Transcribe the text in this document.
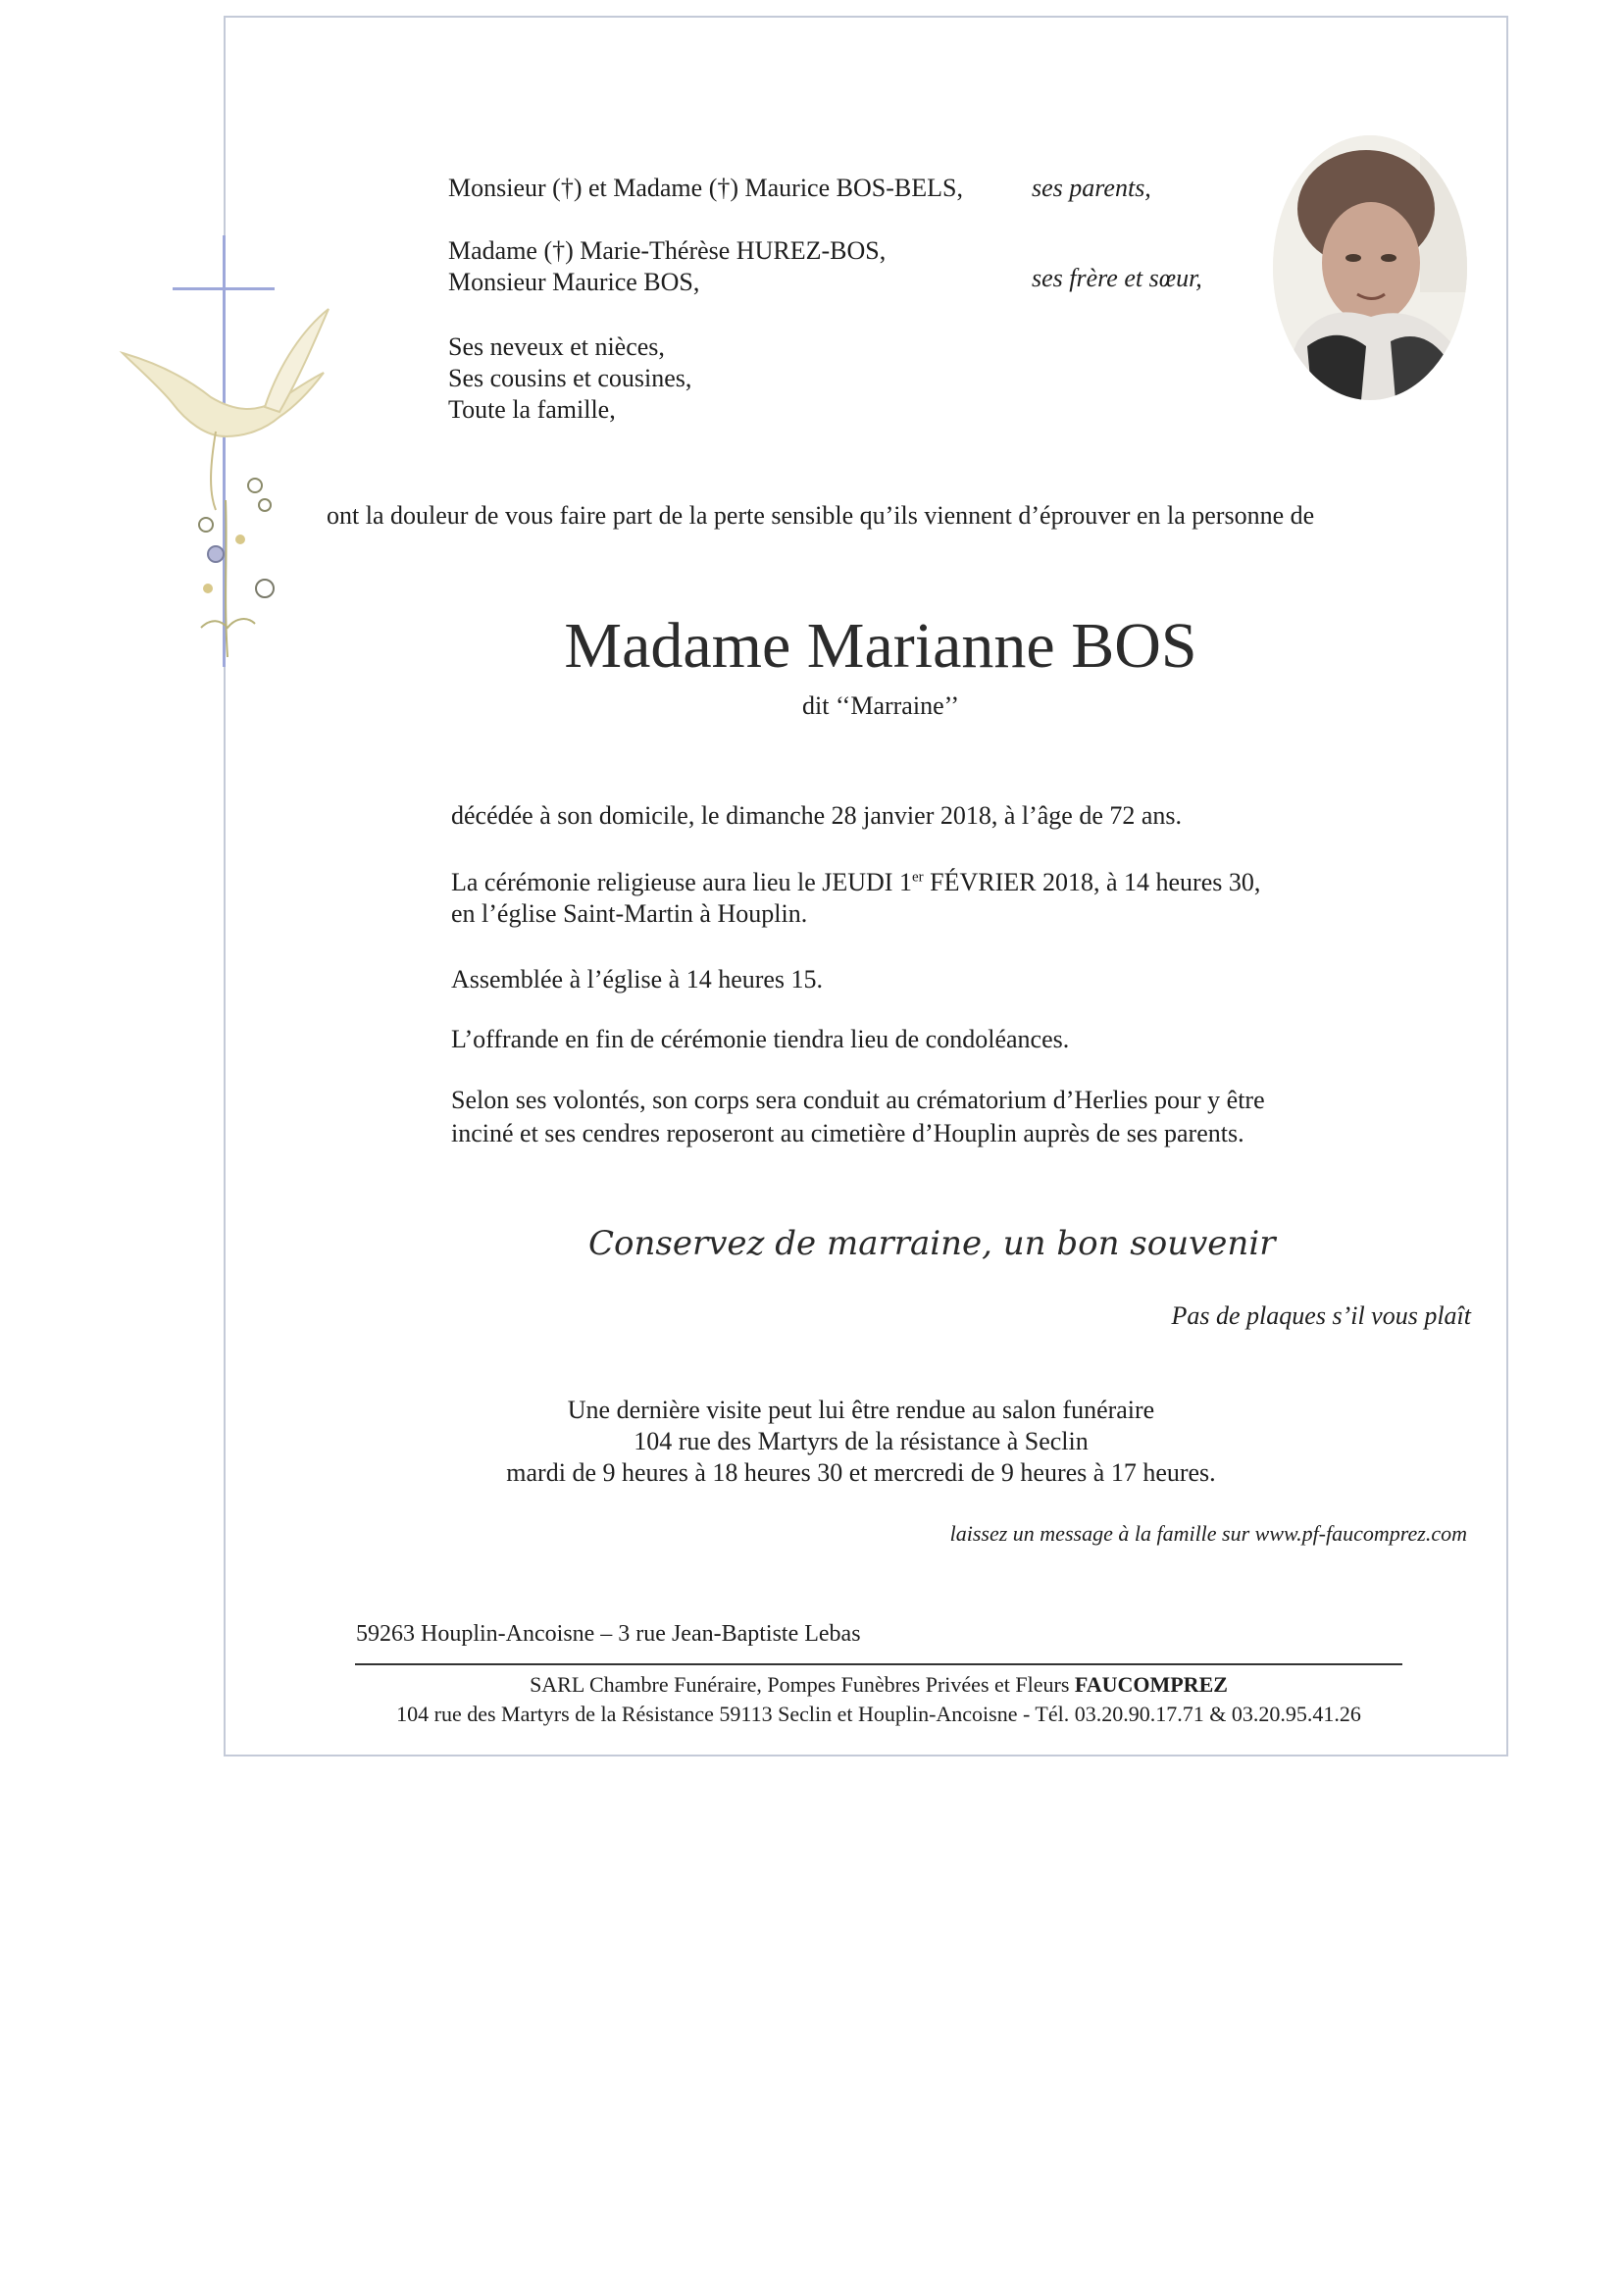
Monsieur (†) et Madame (†) Maurice BOS-BELS,	ses parents,
Madame (†) Marie-Thérèse HUREZ-BOS,
Monsieur Maurice BOS,	ses frère et sœur,
Ses neveux et nièces,
Ses cousins et cousines,
Toute la famille,
ont la douleur de vous faire part de la perte sensible qu’ils viennent d’éprouver en la personne de
Madame Marianne BOS
dit ‘‘Marraine’’
décédée à son domicile, le dimanche 28 janvier 2018, à l’âge de 72 ans.
La cérémonie religieuse aura lieu le JEUDI 1er FÉVRIER 2018, à 14 heures 30,
en l’église Saint-Martin à Houplin.
Assemblée à l’église à 14 heures 15.
L’offrande en fin de cérémonie tiendra lieu de condoléances.
Selon ses volontés, son corps sera conduit au crématorium d’Herlies pour y être
inciné et ses cendres reposeront au cimetière d’Houplin auprès de ses parents.
Conservez de marraine, un bon souvenir
Pas de plaques s’il vous plaît
Une dernière visite peut lui être rendue au salon funéraire
104 rue des Martyrs de la résistance à Seclin
mardi de 9 heures à 18 heures 30 et mercredi de 9 heures à 17 heures.
laissez un message à la famille sur www.pf-faucomprez.com
59263 Houplin-Ancoisne – 3 rue Jean-Baptiste Lebas
SARL Chambre Funéraire, Pompes Funèbres Privées et Fleurs FAUCOMPREZ
104 rue des Martyrs de la Résistance 59113 Seclin et Houplin-Ancoisne - Tél. 03.20.90.17.71 & 03.20.95.41.26
